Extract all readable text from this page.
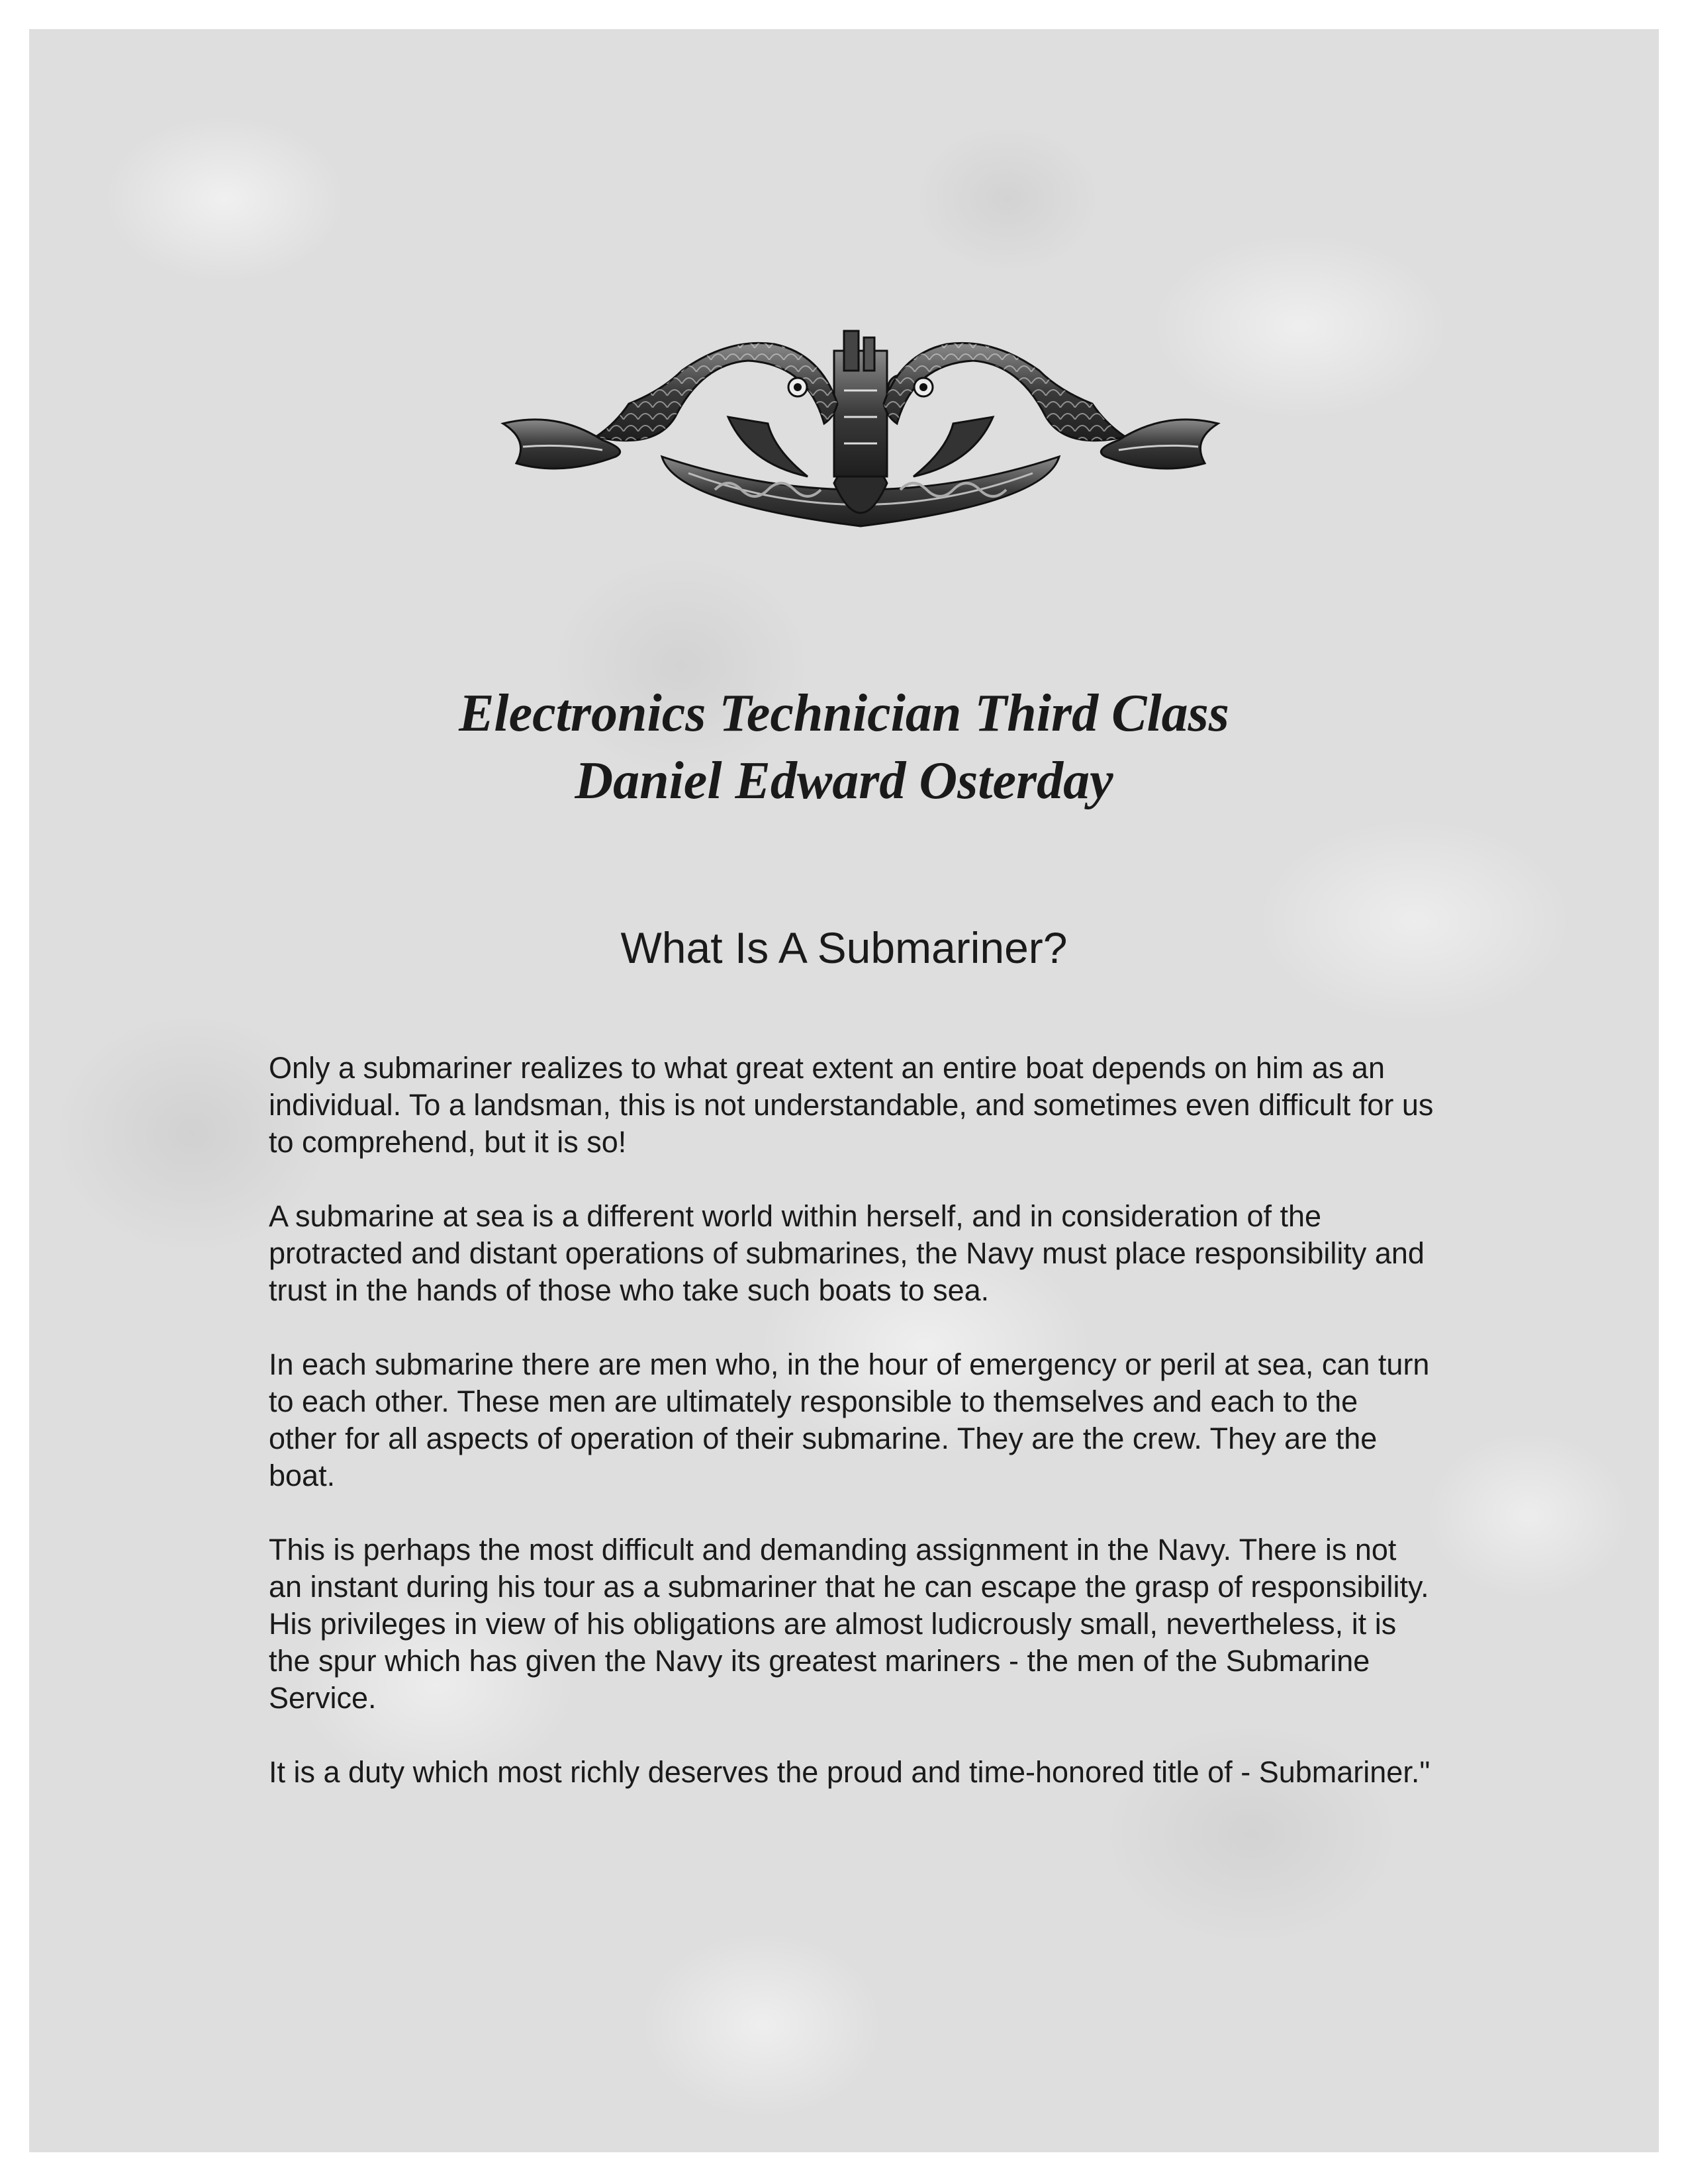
Electronics Technician Third Class
Daniel Edward Osterday
What Is A Submariner?

Only a submariner realizes to what great extent an entire boat depends on him as an individual. To a landsman, this is not understandable, and sometimes even difficult for us to comprehend, but it is so!

A submarine at sea is a different world within herself, and in consideration of the protracted and distant operations of submarines, the Navy must place responsibility and trust in the hands of those who take such boats to sea.

In each submarine there are men who, in the hour of emergency or peril at sea, can turn to each other. These men are ultimately responsible to themselves and each to the other for all aspects of operation of their submarine. They are the crew. They are the boat.

This is perhaps the most difficult and demanding assignment in the Navy. There is not an instant during his tour as a submariner that he can escape the grasp of responsibility. His privileges in view of his obligations are almost ludicrously small, nevertheless, it is the spur which has given the Navy its greatest mariners - the men of the Submarine Service.

It is a duty which most richly deserves the proud and time-honored title of - Submariner."
